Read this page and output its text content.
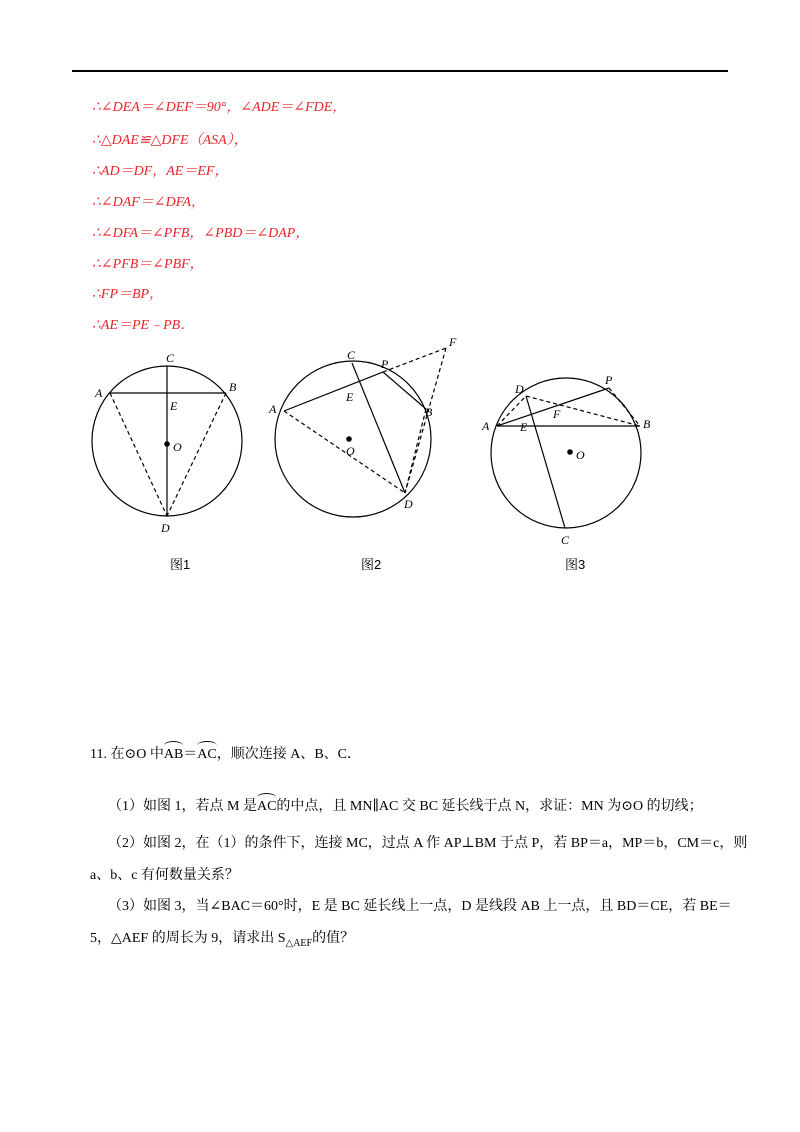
∴∠DEA＝∠DEF＝90°，∠ADE＝∠FDE，
∴△DAE≌△DFE（ASA），
∴AD＝DF，AE＝EF，
∴∠DAF＝∠DFA，
∴∠DFA＝∠PFB，∠PBD＝∠DAP，
∴∠PFB＝∠PBF，
∴FP＝BP，
∴AE＝PE﹣PB．
A	B
C
D
E
O
A	B
C
D
E
O
P
F
A	B
C
D
E
F
O
P
图1	图2	图3
11. 在⊙O 中AB＝AC，顺次连接 A、B、C．
（1）如图 1，若点 M 是AC的中点，且 MN∥AC 交 BC 延长线于点 N，求证：MN 为⊙O 的切线；
（2）如图 2，在（1）的条件下，连接 MC，过点 A 作 AP⊥BM 于点 P，若 BP＝a，MP＝b，CM＝c，则
a、b、c 有何数量关系？
（3）如图 3，当∠BAC＝60°时，E 是 BC 延长线上一点，D 是线段 AB 上一点，且 BD＝CE，若 BE＝
5，△AEF 的周长为 9，请求出 $S_{\triangle AEF}$的值？
